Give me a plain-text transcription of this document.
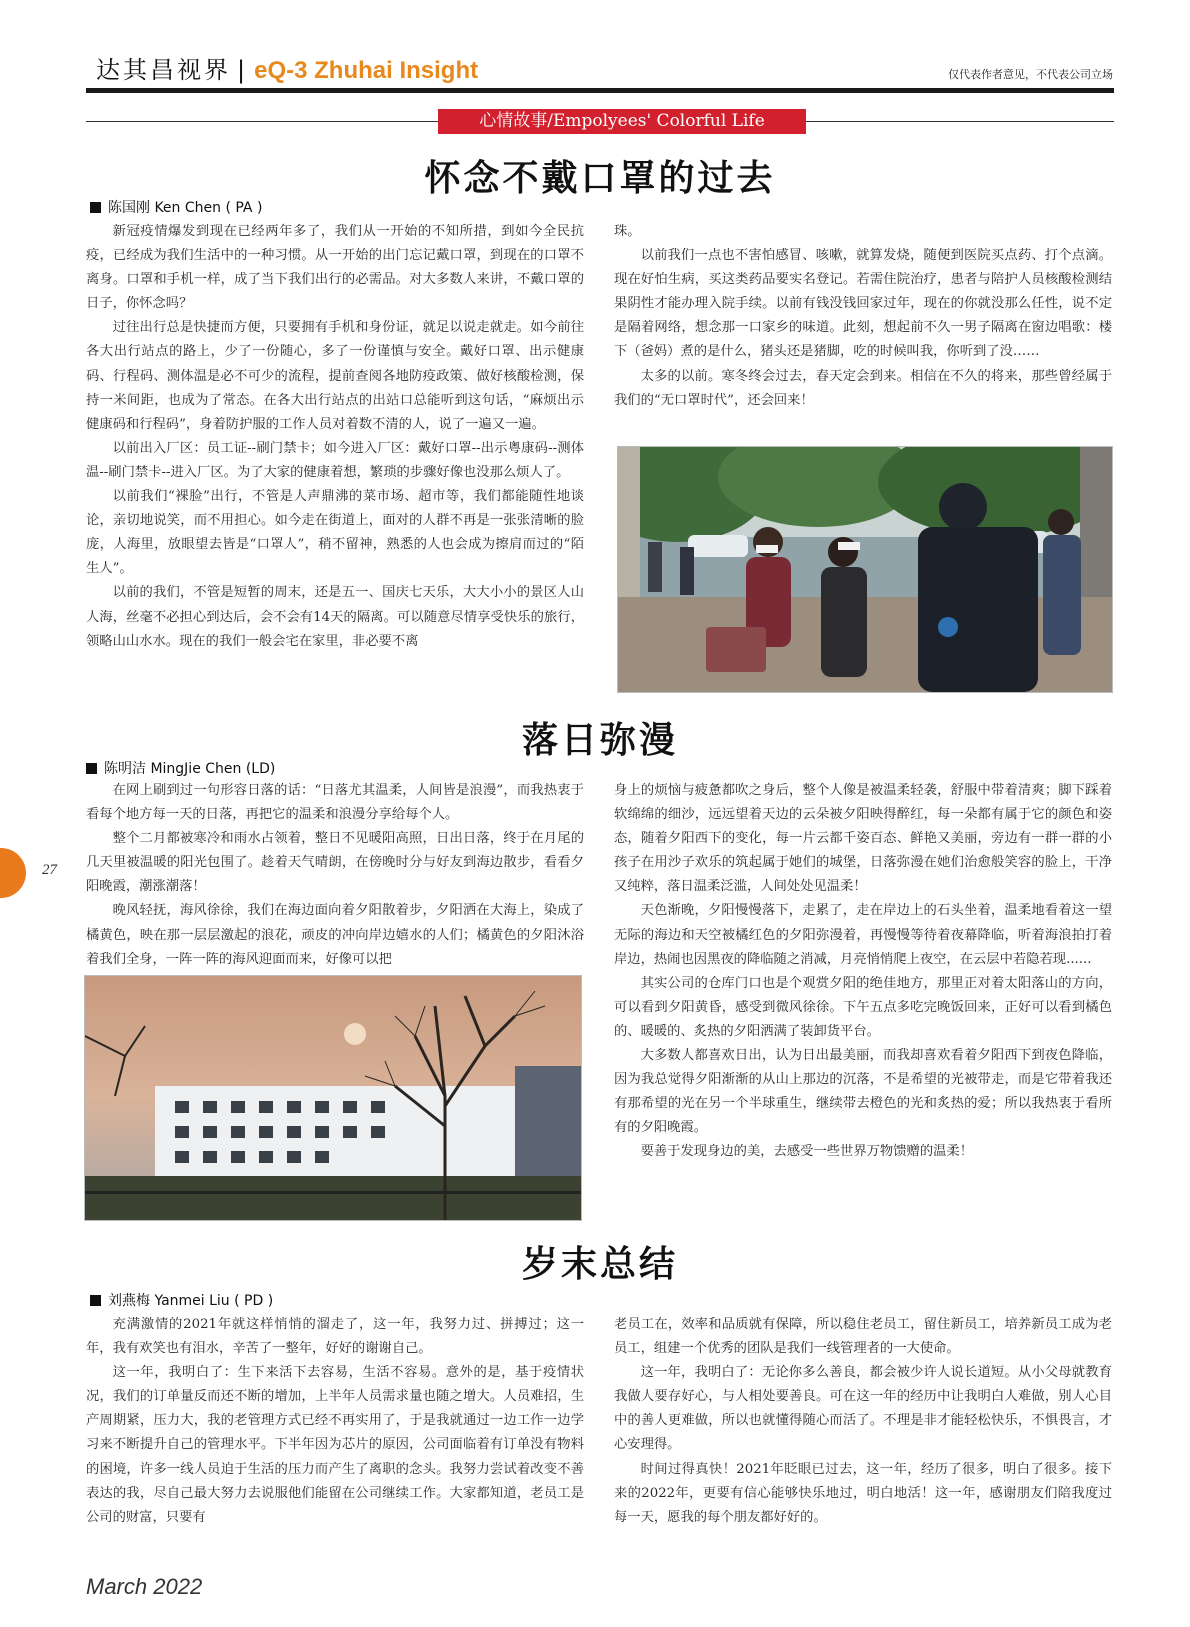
达其昌视界 | eQ-3 Zhuhai Insight	仅代表作者意见，不代表公司立场
心情故事/Empolyees' Colorful Life
怀念不戴口罩的过去
陈国刚 Ken Chen ( PA )

新冠疫情爆发到现在已经两年多了，我们从一开始的不知所措，到如今全民抗疫，已经成为我们生活中的一种习惯。从一开始的出门忘记戴口罩，到现在的口罩不离身。口罩和手机一样，成了当下我们出行的必需品。对大多数人来讲，不戴口罩的日子，你怀念吗？

过往出行总是快捷而方便，只要拥有手机和身份证，就足以说走就走。如今前往各大出行站点的路上，少了一份随心，多了一份谨慎与安全。戴好口罩、出示健康码、行程码、测体温是必不可少的流程，提前查阅各地防疫政策、做好核酸检测，保持一米间距，也成为了常态。在各大出行站点的出站口总能听到这句话，“麻烦出示健康码和行程码”，身着防护服的工作人员对着数不清的人，说了一遍又一遍。

以前出入厂区：员工证--刷门禁卡；如今进入厂区：戴好口罩--出示粤康码--测体温--刷门禁卡--进入厂区。为了大家的健康着想，繁琐的步骤好像也没那么烦人了。

以前我们“裸脸”出行，不管是人声鼎沸的菜市场、超市等，我们都能随性地谈论，亲切地说笑，而不用担心。如今走在街道上，面对的人群不再是一张张清晰的脸庞，人海里，放眼望去皆是“口罩人”，稍不留神，熟悉的人也会成为擦肩而过的“陌生人”。

以前的我们，不管是短暂的周末，还是五一、国庆七天乐，大大小小的景区人山人海，丝毫不必担心到达后，会不会有14天的隔离。可以随意尽情享受快乐的旅行，领略山山水水。现在的我们一般会宅在家里，非必要不离

珠。

以前我们一点也不害怕感冒、咳嗽，就算发烧，随便到医院买点药、打个点滴。现在好怕生病，买这类药品要实名登记。若需住院治疗，患者与陪护人员核酸检测结果阴性才能办理入院手续。以前有钱没钱回家过年，现在的你就没那么任性，说不定是隔着网络，想念那一口家乡的味道。此刻，想起前不久一男子隔离在窗边唱歌：楼下（爸妈）煮的是什么，猪头还是猪脚，吃的时候叫我，你听到了没……

太多的以前。寒冬终会过去，春天定会到来。相信在不久的将来，那些曾经属于我们的“无口罩时代”，还会回来！

落日弥漫
陈明洁 MingJie Chen (LD)

在网上刷到过一句形容日落的话：“日落尤其温柔，人间皆是浪漫”，而我热衷于看每个地方每一天的日落，再把它的温柔和浪漫分享给每个人。

整个二月都被寒冷和雨水占领着，整日不见暖阳高照，日出日落，终于在月尾的几天里被温暖的阳光包围了。趁着天气晴朗，在傍晚时分与好友到海边散步，看看夕阳晚霞，潮涨潮落！

晚风轻抚，海风徐徐，我们在海边面向着夕阳散着步，夕阳洒在大海上，染成了橘黄色，映在那一层层激起的浪花，顽皮的冲向岸边嬉水的人们；橘黄色的夕阳沐浴着我们全身，一阵一阵的海风迎面而来，好像可以把

身上的烦恼与疲惫都吹之身后，整个人像是被温柔轻袭，舒服中带着清爽；脚下踩着软绵绵的细沙，远远望着天边的云朵被夕阳映得醉红，每一朵都有属于它的颜色和姿态，随着夕阳西下的变化，每一片云都千姿百态、鲜艳又美丽，旁边有一群一群的小孩子在用沙子欢乐的筑起属于她们的城堡，日落弥漫在她们治愈般笑容的脸上，干净又纯粹，落日温柔泛滥，人间处处见温柔！

天色渐晚，夕阳慢慢落下，走累了，走在岸边上的石头坐着，温柔地看着这一望无际的海边和天空被橘红色的夕阳弥漫着，再慢慢等待着夜幕降临，听着海浪拍打着岸边，热闹也因黑夜的降临随之消减，月亮悄悄爬上夜空，在云层中若隐若现......

其实公司的仓库门口也是个观赏夕阳的绝佳地方，那里正对着太阳落山的方向，可以看到夕阳黄昏，感受到微风徐徐。下午五点多吃完晚饭回来，正好可以看到橘色的、暖暖的、炙热的夕阳洒满了装卸货平台。

大多数人都喜欢日出，认为日出最美丽，而我却喜欢看着夕阳西下到夜色降临，因为我总觉得夕阳渐渐的从山上那边的沉落，不是希望的光被带走，而是它带着我还有那希望的光在另一个半球重生，继续带去橙色的光和炙热的爱；所以我热衷于看所有的夕阳晚霞。

要善于发现身边的美，去感受一些世界万物馈赠的温柔！

岁末总结
刘燕梅 Yanmei Liu ( PD )

充满激情的2021年就这样悄悄的溜走了，这一年，我努力过、拼搏过；这一年，我有欢笑也有泪水，辛苦了一整年，好好的谢谢自己。

这一年，我明白了：生下来活下去容易，生活不容易。意外的是，基于疫情状况，我们的订单量反而还不断的增加，上半年人员需求量也随之增大。人员难招，生产周期紧，压力大，我的老管理方式已经不再实用了，于是我就通过一边工作一边学习来不断提升自己的管理水平。下半年因为芯片的原因，公司面临着有订单没有物料的困境，许多一线人员迫于生活的压力而产生了离职的念头。我努力尝试着改变不善表达的我，尽自己最大努力去说服他们能留在公司继续工作。大家都知道，老员工是公司的财富，只要有

老员工在，效率和品质就有保障，所以稳住老员工，留住新员工，培养新员工成为老员工，组建一个优秀的团队是我们一线管理者的一大使命。

这一年，我明白了：无论你多么善良，都会被少许人说长道短。从小父母就教育我做人要存好心，与人相处要善良。可在这一年的经历中让我明白人难做，别人心目中的善人更难做，所以也就懂得随心而活了。不理是非才能轻松快乐，不惧畏言，才心安理得。

时间过得真快！2021年眨眼已过去，这一年，经历了很多，明白了很多。接下来的2022年，更要有信心能够快乐地过，明白地活！这一年，感谢朋友们陪我度过每一天，愿我的每个朋友都好好的。

27
March 2022
